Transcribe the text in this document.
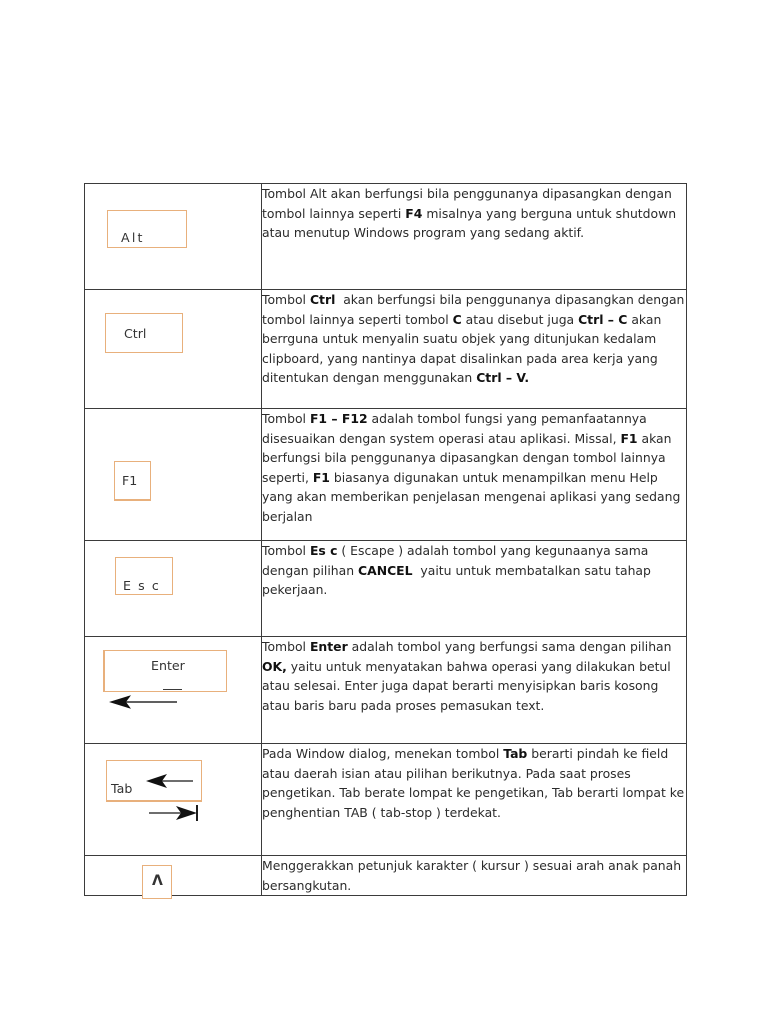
Alt	Tombol Alt akan berfungsi bila penggunanya dipasangkan dengan tombol lainnya seperti F4 misalnya yang berguna untuk shutdown atau menutup Windows program yang sedang aktif.

Ctrl	Tombol Ctrl  akan berfungsi bila penggunanya dipasangkan dengan tombol lainnya seperti tombol C atau disebut juga Ctrl – C akan berrguna untuk menyalin suatu objek yang ditunjukan kedalam clipboard, yang nantinya dapat disalinkan pada area kerja yang ditentukan dengan menggunakan Ctrl – V.

F1	Tombol F1 – F12 adalah tombol fungsi yang pemanfaatannya disesuaikan dengan system operasi atau aplikasi. Missal, F1 akan berfungsi bila penggunanya dipasangkan dengan tombol lainnya seperti, F1 biasanya digunakan untuk menampilkan menu Help yang akan memberikan penjelasan mengenai aplikasi yang sedang berjalan

E s c	Tombol Es c ( Escape ) adalah tombol yang kegunaanya sama dengan pilihan CANCEL  yaitu untuk membatalkan satu tahap pekerjaan.

Enter	Tombol Enter adalah tombol yang berfungsi sama dengan pilihan OK, yaitu untuk menyatakan bahwa operasi yang dilakukan betul atau selesai. Enter juga dapat berarti menyisipkan baris kosong atau baris baru pada proses pemasukan text.

Tab	Pada Window dialog, menekan tombol Tab berarti pindah ke field atau daerah isian atau pilihan berikutnya. Pada saat proses pengetikan. Tab berate lompat ke pengetikan, Tab berarti lompat ke penghentian TAB ( tab-stop ) terdekat.

Λ	Menggerakkan petunjuk karakter ( kursur ) sesuai arah anak panah bersangkutan.
